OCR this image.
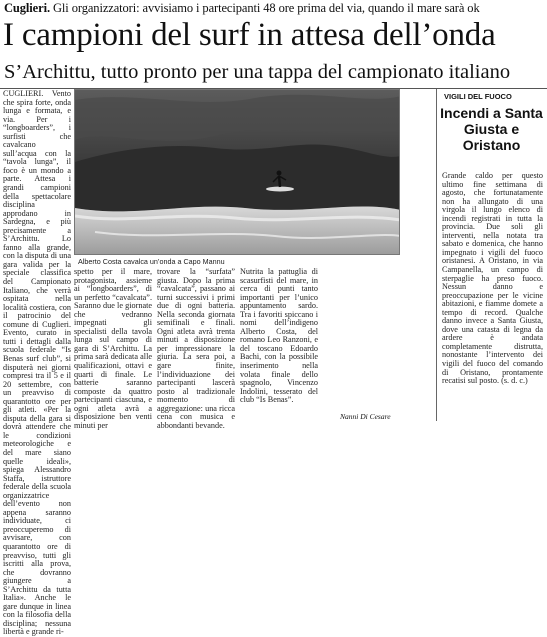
Cuglieri. Gli organizzatori: avvisiamo i partecipanti 48 ore prima del via, quando il mare sarà ok
I campioni del surf in attesa dell’onda
S’Archittu, tutto pronto per una tappa del campionato italiano

CUGLIERI. Vento che spira forte, onda lunga e formata, e via. Per i “longboarders”, i surfisti che cavalcano sull’acqua con la “tavola lunga”, il foco è un mondo a parte. Attesa i grandi campioni della spettacolare disciplina approdano in Sardegna, e più precisamente a S’Archittu. Lo fanno alla grande, con la disputa di una gara valida per la speciale classifica del Campionato Italiano, che verrà ospitata nella località costiera, con il patrocinio del comune di Cuglieri. Evento, curato in tutti i dettagli dalla scuola federale “Is Benas surf club”, si disputerà nei giorni compresi tra il 5 e il 20 settembre, con un preavviso di quarantotto ore per gli atleti. «Per la disputa della gara si dovrà attendere che le condizioni meteorologiche e del mare siano quelle ideali», spiega Alessandro Staffa, istruttore federale della scuola organizzatrice dell’evento non appena saranno individuate, ci preoccuperemo di avvisare, con quarantotto ore di preavviso, tutti gli iscritti alla prova, che dovranno giungere a S’Archittu da tutta Italia». Anche le gare dunque in linea con la filosofia della disciplina; nessuna libertà e grande ri-

Alberto Costa cavalca un’onda a Capo Mannu

spetto per il mare, protagonista, assieme ai “longboarders”, di un perfetto “cavalcata”. Saranno due le giornate che vedranno impegnati gli specialisti della tavola lunga sul campo di gara di S’Archittu. La prima sarà dedicata alle qualificazioni, ottavi e quarti di finale. Le batterie saranno composte da quattro partecipanti ciascuna, e ogni atleta avrà a disposizione ben venti minuti per

trovare la “surfata” giusta. Dopo la prima “cavalcata”, passano ai turni successivi i primi due di ogni batteria. Nella seconda giornata semifinali e finali. Ogni atleta avrà trenta minuti a disposizione per impressionare la giuria. La sera poi, a gare finite, l’individuazione dei partecipanti lascerà posto al tradizionale momento di aggregazione: una ricca cena con musica e abbondanti bevande.

Nutrita la pattuglia di scasurfisti del mare, in cerca di punti tanto importanti per l’unico appuntamento sardo. Tra i favoriti spiccano i nomi dell’indigeno Alberto Costa, del romano Leo Ranzoni, e del toscano Edoardo Bachi, con la possibile inserimento nella volata finale dello spagnolo, Vincenzo Indolini, tesserato del club “Is Benas”.

Nanni Di Cesare
VIGILI DEL FUOCO
Incendi a Santa Giusta e Oristano

Grande caldo per questo ultimo fine settimana di agosto, che fortunatamente non ha allungato di una virgola il lungo elenco di incendi registrati in tutta la provincia. Due soli gli interventi, nella notata tra sabato e domenica, che hanno impegnato i vigili del fuoco oristanesi. A Oristano, in via Campanella, un campo di sterpaglie ha preso fuoco. Nessun danno e preoccupazione per le vicine abitazioni, e fiamme domete a tempo di record. Qualche danno invece a Santa Giusta, dove una catasta di legna da ardere è andata completamente distrutta, nonostante l’intervento dei vigili del fuoco del comando di Oristano, prontamente recatisi sul posto. (s. d. c.)
